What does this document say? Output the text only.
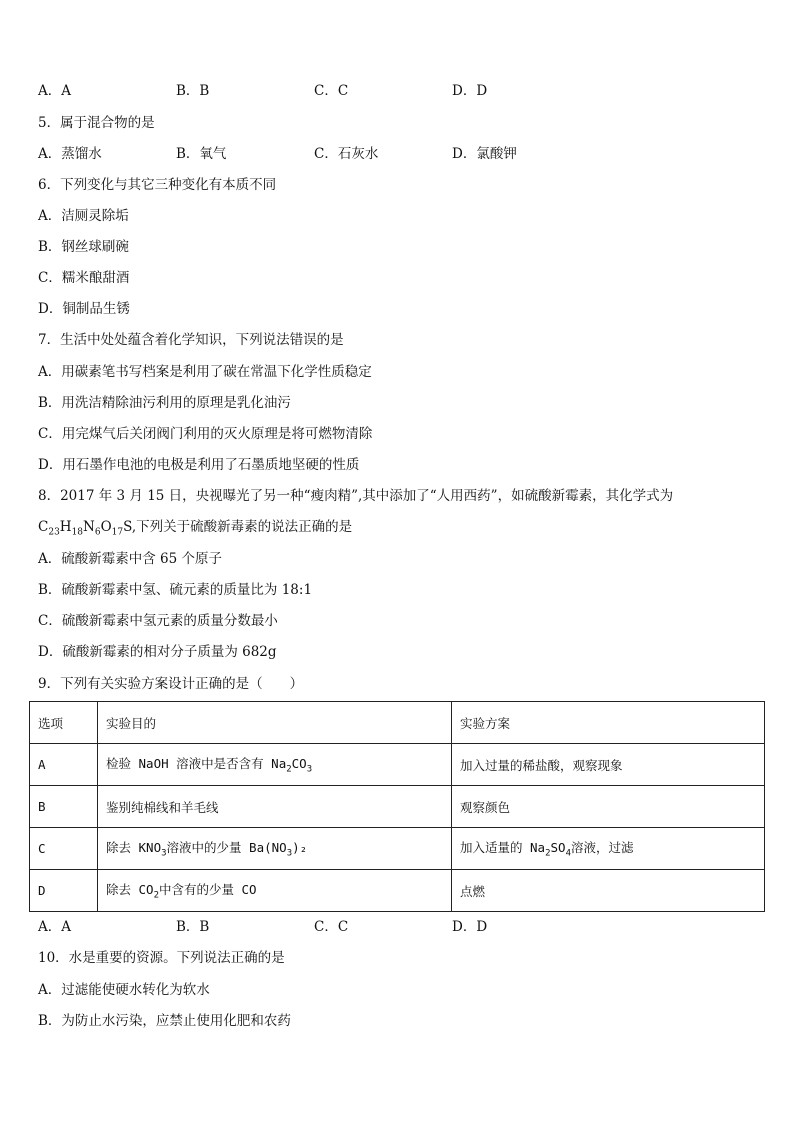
A．A	B．B	C．C	D．D
5．属于混合物的是
A．蒸馏水	B．氧气	C．石灰水	D．氯酸钾
6．下列变化与其它三种变化有本质不同
A．洁厕灵除垢
B．钢丝球刷碗
C．糯米酿甜酒
D．铜制品生锈
7．生活中处处蕴含着化学知识，下列说法错误的是
A．用碳素笔书写档案是利用了碳在常温下化学性质稳定
B．用洗洁精除油污利用的原理是乳化油污
C．用完煤气后关闭阀门利用的灭火原理是将可燃物清除
D．用石墨作电池的电极是利用了石墨质地坚硬的性质
8．2017 年 3 月 15 日，央视曝光了另一种“瘦肉精”,其中添加了“人用西药”，如硫酸新霉素，其化学式为
$C_{23}H_{18}N_6O_{17}S$,下列关于硫酸新毒素的说法正确的是
A．硫酸新霉素中含 65 个原子
B．硫酸新霉素中氢、硫元素的质量比为 18:1
C．硫酸新霉素中氢元素的质量分数最小
D．硫酸新霉素的相对分子质量为 682g
9．下列有关实验方案设计正确的是（　　）
选项	实验目的	实验方案
A	检验 NaOH 溶液中是否含有 $Na_2CO_3$	加入过量的稀盐酸，观察现象
B	鉴别纯棉线和羊毛线	观察颜色
C	除去 $KNO_3$溶液中的少量 $Ba(NO_3)_2$	加入适量的 $Na_2SO_4$溶液，过滤
D	除去 $CO_2$中含有的少量 CO	点燃
A．A	B．B	C．C	D．D
10．水是重要的资源。下列说法正确的是
A．过滤能使硬水转化为软水
B．为防止水污染，应禁止使用化肥和农药
